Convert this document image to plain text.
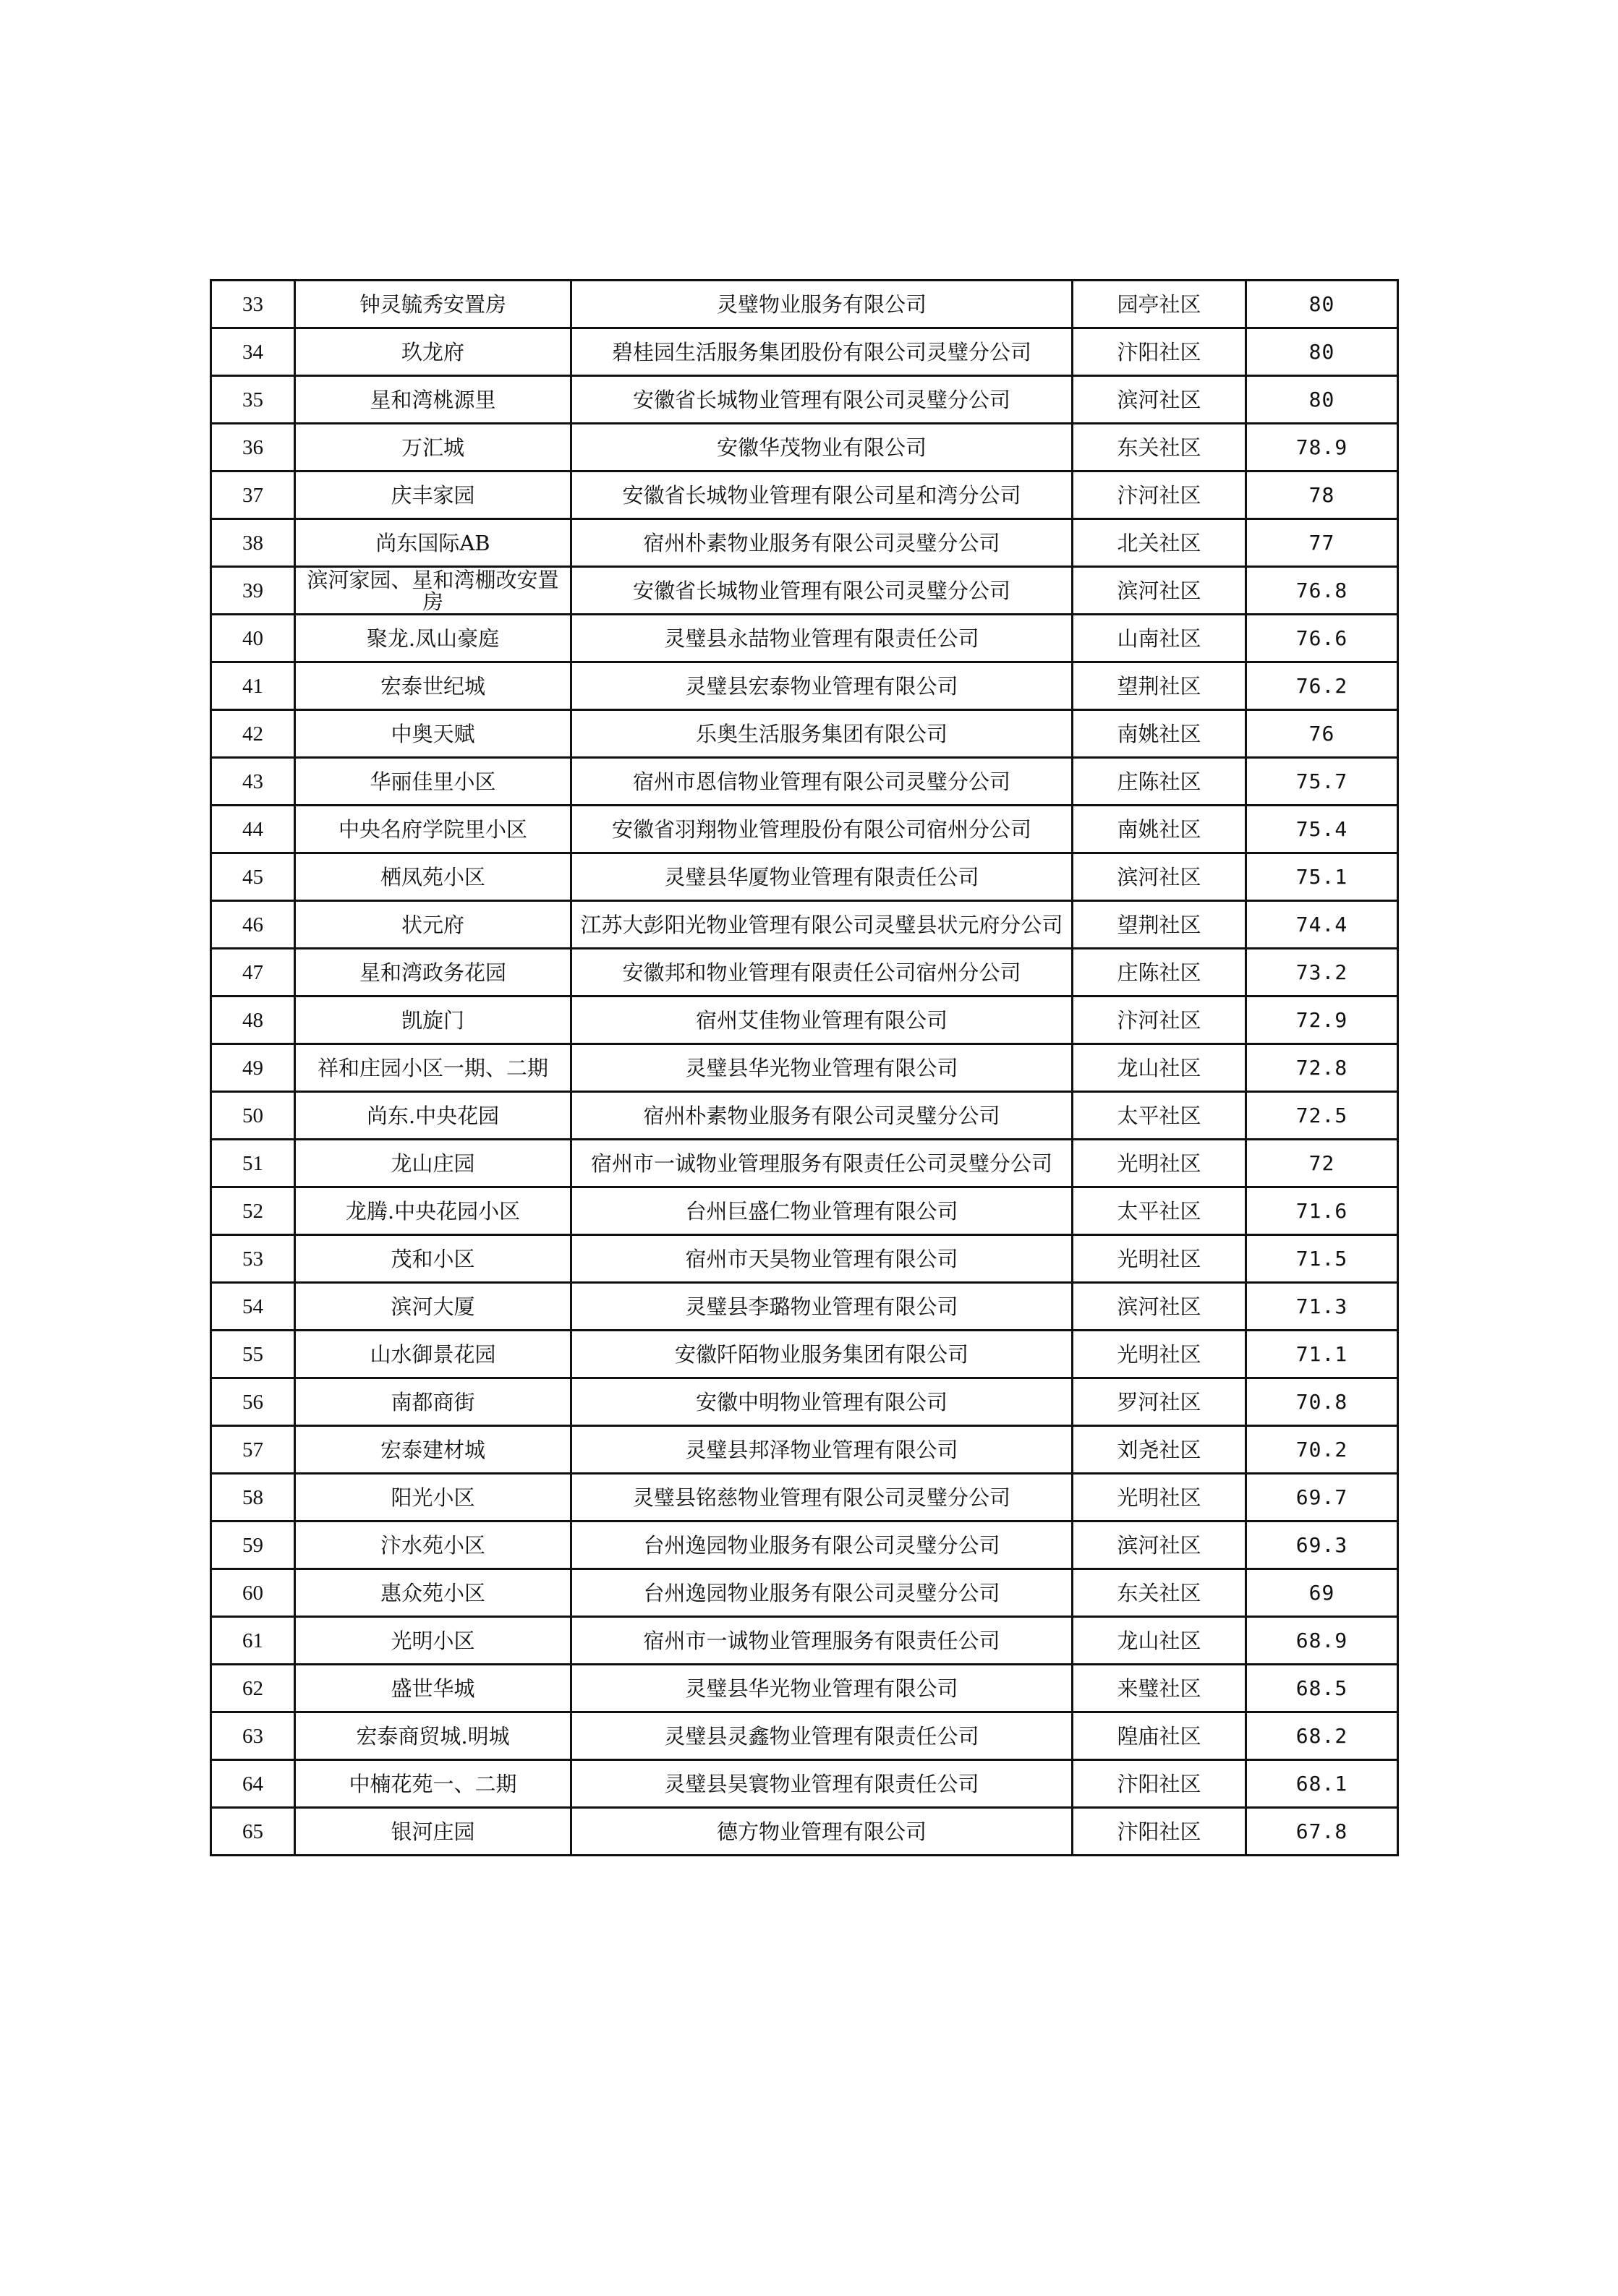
33	钟灵毓秀安置房	灵璧物业服务有限公司	园亭社区	80
34	玖龙府	碧桂园生活服务集团股份有限公司灵璧分公司	汴阳社区	80
35	星和湾桃源里	安徽省长城物业管理有限公司灵璧分公司	滨河社区	80
36	万汇城	安徽华茂物业有限公司	东关社区	78.9
37	庆丰家园	安徽省长城物业管理有限公司星和湾分公司	汴河社区	78
38	尚东国际AB	宿州朴素物业服务有限公司灵璧分公司	北关社区	77
39	滨河家园、星和湾棚改安置房	安徽省长城物业管理有限公司灵璧分公司	滨河社区	76.8
40	聚龙.凤山豪庭	灵璧县永喆物业管理有限责任公司	山南社区	76.6
41	宏泰世纪城	灵璧县宏泰物业管理有限公司	望荆社区	76.2
42	中奥天赋	乐奥生活服务集团有限公司	南姚社区	76
43	华丽佳里小区	宿州市恩信物业管理有限公司灵璧分公司	庄陈社区	75.7
44	中央名府学院里小区	安徽省羽翔物业管理股份有限公司宿州分公司	南姚社区	75.4
45	栖凤苑小区	灵璧县华厦物业管理有限责任公司	滨河社区	75.1
46	状元府	江苏大彭阳光物业管理有限公司灵璧县状元府分公司	望荆社区	74.4
47	星和湾政务花园	安徽邦和物业管理有限责任公司宿州分公司	庄陈社区	73.2
48	凯旋门	宿州艾佳物业管理有限公司	汴河社区	72.9
49	祥和庄园小区一期、二期	灵璧县华光物业管理有限公司	龙山社区	72.8
50	尚东.中央花园	宿州朴素物业服务有限公司灵璧分公司	太平社区	72.5
51	龙山庄园	宿州市一诚物业管理服务有限责任公司灵璧分公司	光明社区	72
52	龙腾.中央花园小区	台州巨盛仁物业管理有限公司	太平社区	71.6
53	茂和小区	宿州市天昊物业管理有限公司	光明社区	71.5
54	滨河大厦	灵璧县李璐物业管理有限公司	滨河社区	71.3
55	山水御景花园	安徽阡陌物业服务集团有限公司	光明社区	71.1
56	南都商街	安徽中明物业管理有限公司	罗河社区	70.8
57	宏泰建材城	灵璧县邦泽物业管理有限公司	刘尧社区	70.2
58	阳光小区	灵璧县铭慈物业管理有限公司灵璧分公司	光明社区	69.7
59	汴水苑小区	台州逸园物业服务有限公司灵璧分公司	滨河社区	69.3
60	惠众苑小区	台州逸园物业服务有限公司灵璧分公司	东关社区	69
61	光明小区	宿州市一诚物业管理服务有限责任公司	龙山社区	68.9
62	盛世华城	灵璧县华光物业管理有限公司	来璧社区	68.5
63	宏泰商贸城.明城	灵璧县灵鑫物业管理有限责任公司	隍庙社区	68.2
64	中楠花苑一、二期	灵璧县昊寰物业管理有限责任公司	汴阳社区	68.1
65	银河庄园	德方物业管理有限公司	汴阳社区	67.8
